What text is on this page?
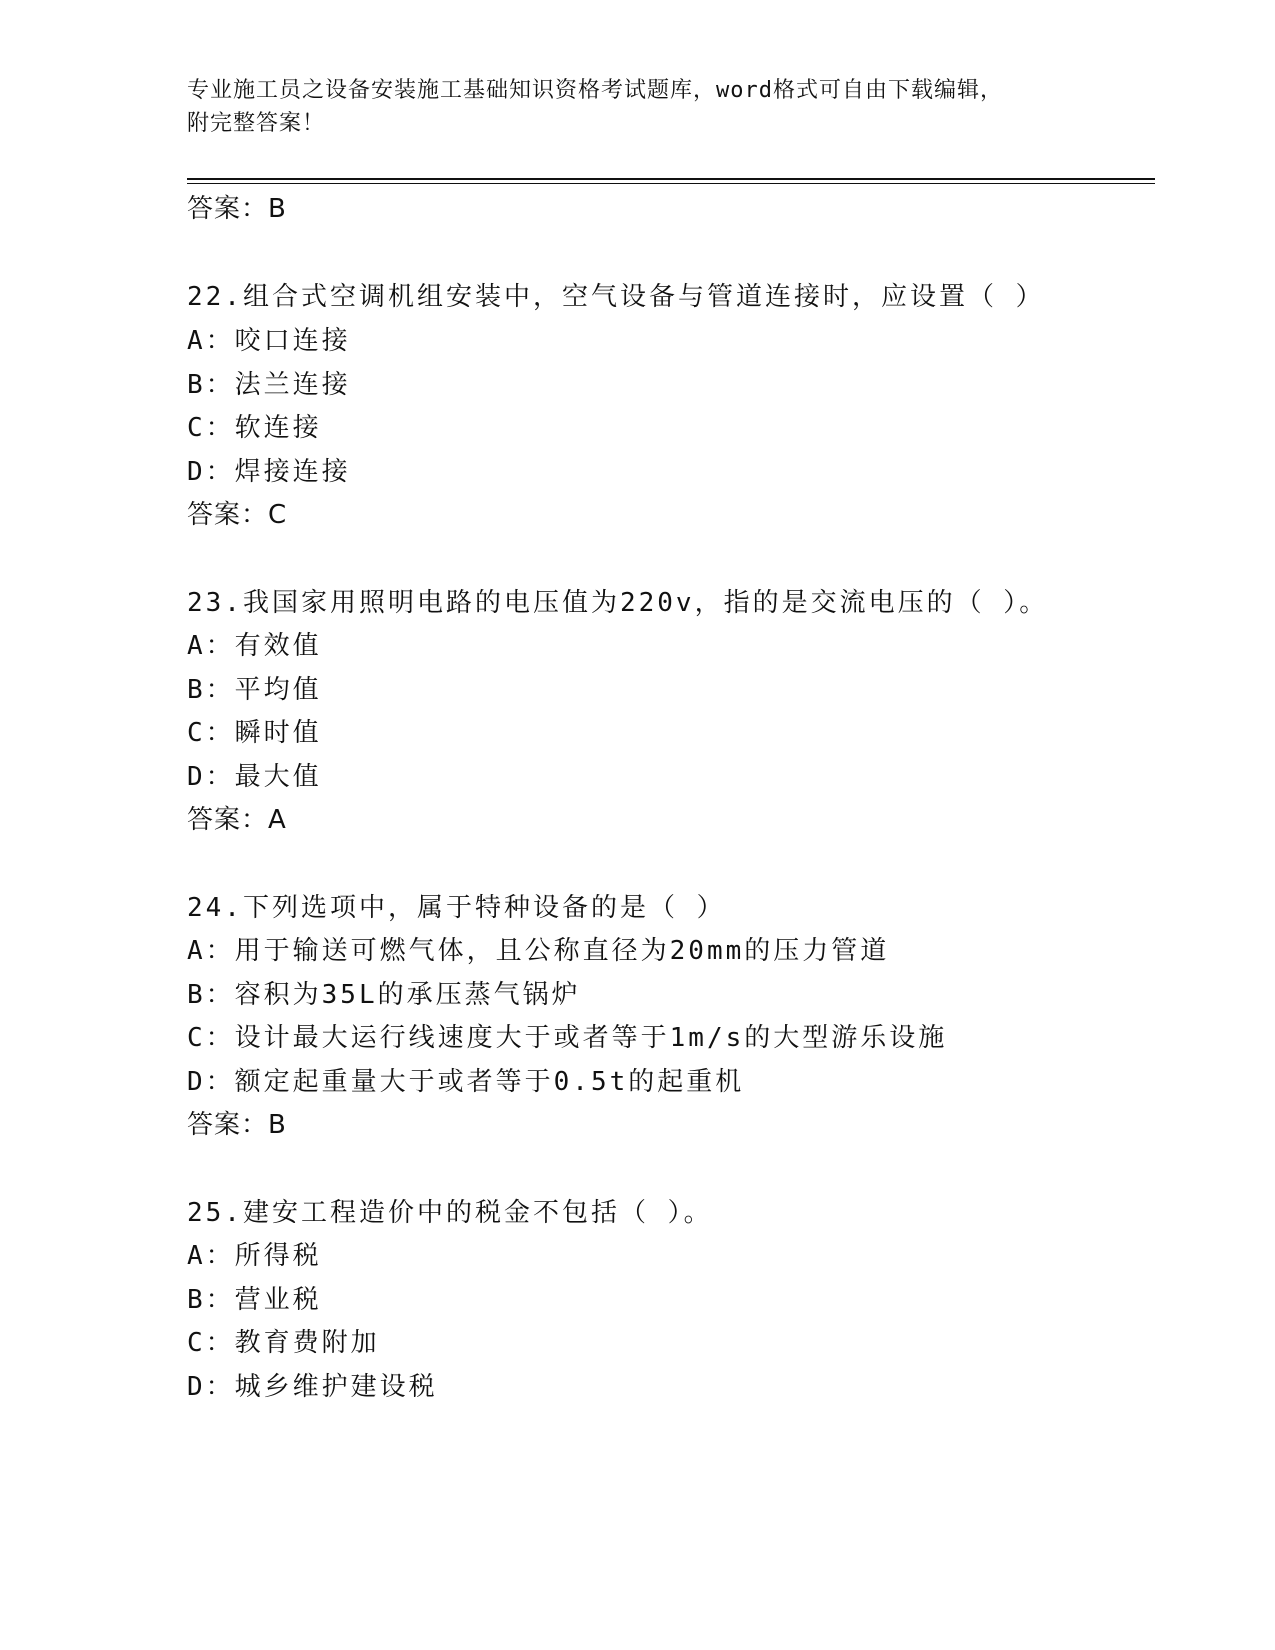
专业施工员之设备安装施工基础知识资格考试题库，word格式可自由下载编辑，
附完整答案！
答案：B
22.组合式空调机组安装中，空气设备与管道连接时，应设置（ ）
A：咬口连接
B：法兰连接
C：软连接
D：焊接连接
答案：C
23.我国家用照明电路的电压值为220v，指的是交流电压的（ ）。
A：有效值
B：平均值
C：瞬时值
D：最大值
答案：A
24.下列选项中，属于特种设备的是（ ）
A：用于输送可燃气体，且公称直径为20mm的压力管道
B：容积为35L的承压蒸气锅炉
C：设计最大运行线速度大于或者等于1m/s的大型游乐设施
D：额定起重量大于或者等于0.5t的起重机
答案：B
25.建安工程造价中的税金不包括（ ）。
A：所得税
B：营业税
C：教育费附加
D：城乡维护建设税
